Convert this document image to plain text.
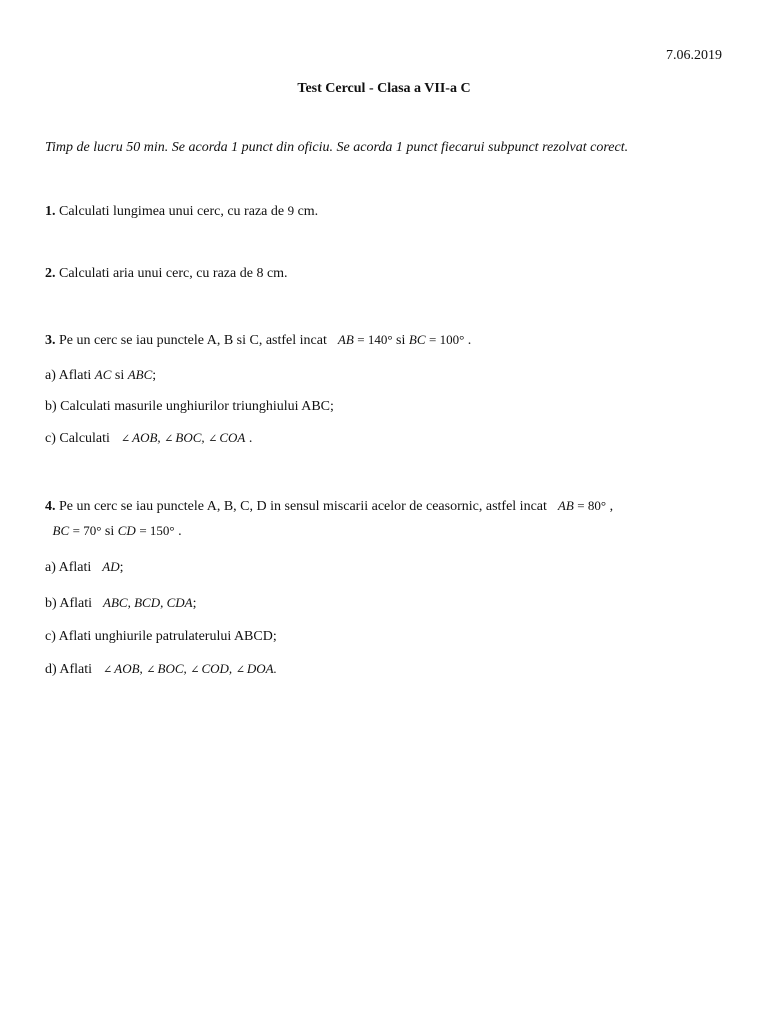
7.06.2019
Test Cercul - Clasa a VII-a C
Timp de lucru 50 min. Se acorda 1 punct din oficiu. Se acorda 1 punct fiecarui subpunct rezolvat corect.
1. Calculati lungimea unui cerc, cu raza de 9 cm.
2. Calculati aria unui cerc, cu raza de 8 cm.
3. Pe un cerc se iau punctele A, B si C, astfel incat AB = 140° si BC = 100° .
a) Aflati AC si ABC;
b) Calculati masurile unghiurilor triunghiului ABC;
c) Calculati ∠ AOB, ∠ BOC, ∠ COA .
4. Pe un cerc se iau punctele A, B, C, D in sensul miscarii acelor de ceasornic, astfel incat AB = 80° ,
BC = 70° si CD = 150° .
a) Aflati AD;
b) Aflati ABC, BCD, CDA;
c) Aflati unghiurile patrulaterului ABCD;
d) Aflati ∠ AOB, ∠ BOC, ∠ COD, ∠ DOA.
